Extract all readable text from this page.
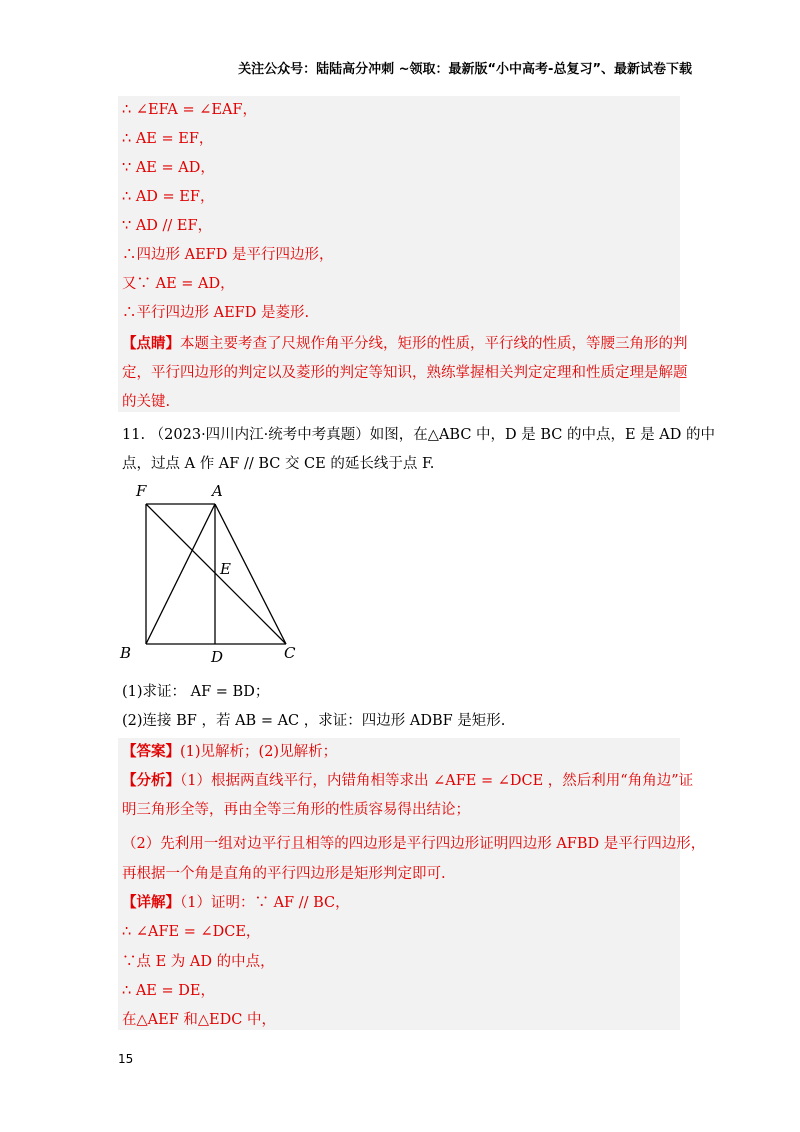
关注公众号：陆陆高分冲刺 ~领取：最新版“小中高考-总复习”、最新试卷下载
∴ ∠EFA = ∠EAF，
∴ AE = EF，
∵ AE = AD，
∴ AD = EF，
∵ AD // EF，
∴四边形 AEFD 是平行四边形，
又∵ AE = AD，
∴平行四边形 AEFD 是菱形.
【点睛】本题主要考查了尺规作角平分线，矩形的性质，平行线的性质，等腰三角形的判
定，平行四边形的判定以及菱形的判定等知识，熟练掌握相关判定定理和性质定理是解题
的关键.
11. （2023·四川内江·统考中考真题）如图，在△ABC 中，D 是 BC 的中点，E 是 AD 的中
点，过点 A 作 AF // BC 交 CE 的延长线于点 F.
F	A
E
B	D	C
(1)求证： AF = BD；
(2)连接 BF ，若 AB = AC ，求证：四边形 ADBF 是矩形.
【答案】(1)见解析；(2)见解析；
【分析】（1）根据两直线平行，内错角相等求出 ∠AFE = ∠DCE ，然后利用“角角边”证
明三角形全等，再由全等三角形的性质容易得出结论；
（2）先利用一组对边平行且相等的四边形是平行四边形证明四边形 AFBD 是平行四边形，
再根据一个角是直角的平行四边形是矩形判定即可.
【详解】（1）证明：∵ AF // BC，
∴ ∠AFE = ∠DCE，
∵点 E 为 AD 的中点，
∴ AE = DE，
在△AEF 和△EDC 中，
15
